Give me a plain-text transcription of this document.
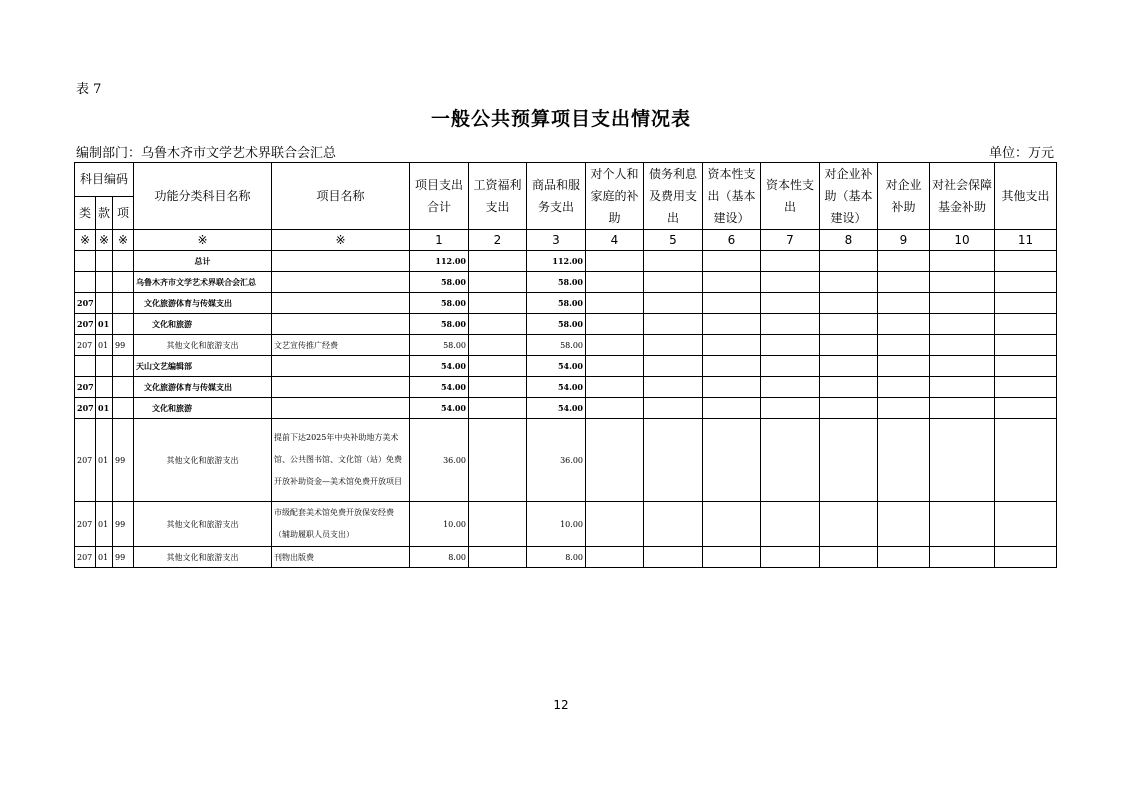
表 7
一般公共预算项目支出情况表
编制部门：乌鲁木齐市文学艺术界联合会汇总	单位：万元
科目编码			功能分类科目名称	项目名称	项目支出合计	工资福利支出	商品和服务支出	对个人和家庭的补助	债务利息及费用支出	资本性支出（基本建设）	资本性支出	对企业补助（基本建设）	对企业补助	对社会保障基金补助	其他支出
类	款	项													
※	※	※	※	※	1	2	3	4	5	6	7	8	9	10	11
			总计		112.00		112.00								
			乌鲁木齐市文学艺术界联合会汇总		58.00		58.00								
207			文化旅游体育与传媒支出		58.00		58.00								
207	01		文化和旅游		58.00		58.00								
207	01	99	其他文化和旅游支出	文艺宣传推广经费	58.00		58.00								
			天山文艺编辑部		54.00		54.00								
207			文化旅游体育与传媒支出		54.00		54.00								
207	01		文化和旅游		54.00		54.00								
207	01	99	其他文化和旅游支出	提前下达2025年中央补助地方美术馆、公共图书馆、文化馆（站）免费开放补助资金—美术馆免费开放项目	36.00		36.00								
207	01	99	其他文化和旅游支出	市级配套美术馆免费开放保安经费（辅助履职人员支出）	10.00		10.00								
207	01	99	其他文化和旅游支出	刊物出版费	8.00		8.00								
12
